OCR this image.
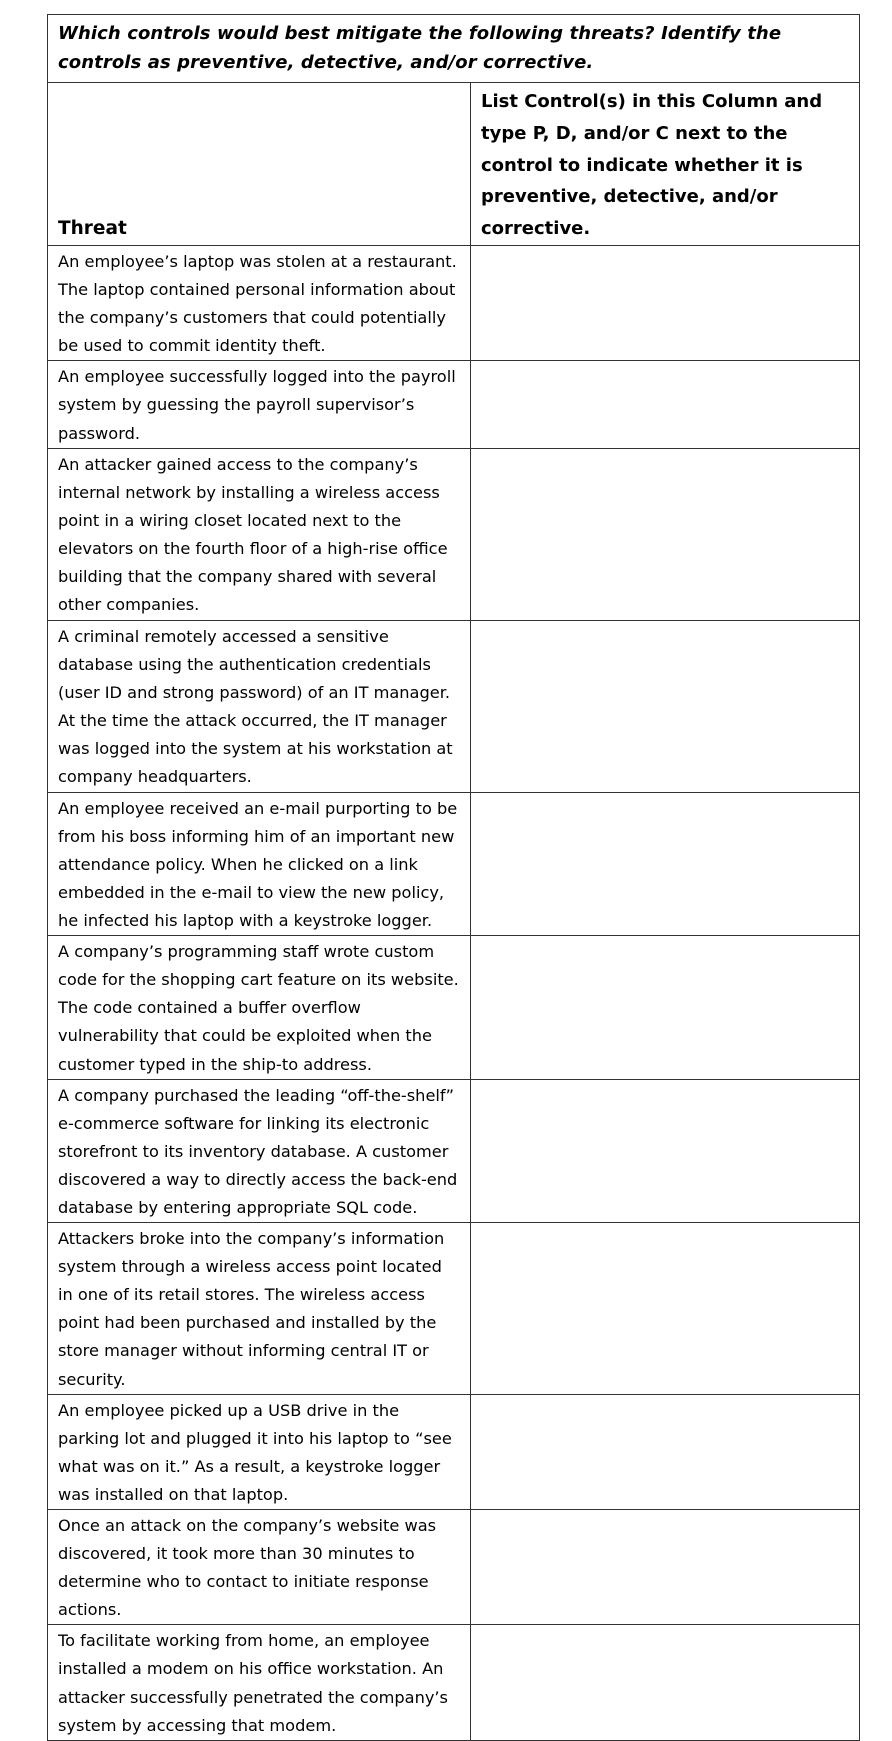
Which controls would best mitigate the following threats? Identify the controls as preventive, detective, and/or corrective.	
Threat	List Control(s) in this Column and type P, D, and/or C next to the control to indicate whether it is preventive, detective, and/or corrective.
An employee’s laptop was stolen at a restaurant. The laptop contained personal information about the company’s customers that could potentially be used to commit identity theft.	
An employee successfully logged into the payroll system by guessing the payroll supervisor’s password.	
An attacker gained access to the company’s internal network by installing a wireless access point in a wiring closet located next to the elevators on the fourth floor of a high-rise office building that the company shared with several other companies.	
A criminal remotely accessed a sensitive database using the authentication credentials (user ID and strong password) of an IT manager. At the time the attack occurred, the IT manager was logged into the system at his workstation at company headquarters.	
An employee received an e-mail purporting to be from his boss informing him of an important new attendance policy. When he clicked on a link embedded in the e-mail to view the new policy, he infected his laptop with a keystroke logger.	
A company’s programming staff wrote custom code for the shopping cart feature on its website. The code contained a buffer overflow vulnerability that could be exploited when the customer typed in the ship-to address.	
A company purchased the leading “off-the-shelf” e-commerce software for linking its electronic storefront to its inventory database. A customer discovered a way to directly access the back-end database by entering appropriate SQL code.	
Attackers broke into the company’s information system through a wireless access point located in one of its retail stores. The wireless access point had been purchased and installed by the store manager without informing central IT or security.	
An employee picked up a USB drive in the parking lot and plugged it into his laptop to “see what was on it.” As a result, a keystroke logger was installed on that laptop.	
Once an attack on the company’s website was discovered, it took more than 30 minutes to determine who to contact to initiate response actions.	
To facilitate working from home, an employee installed a modem on his office workstation. An attacker successfully penetrated the company’s system by accessing that modem.	
